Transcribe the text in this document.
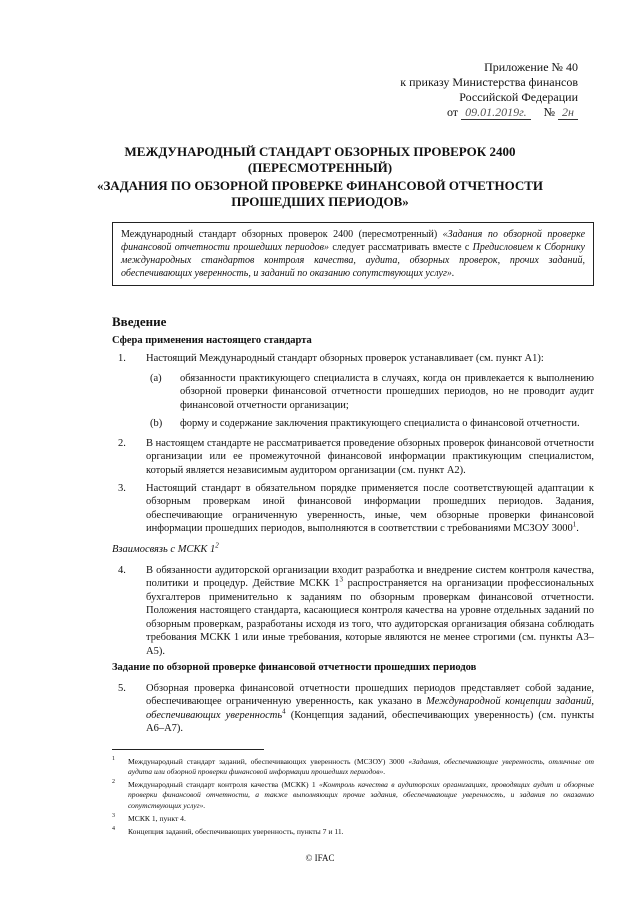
Приложение № 40
к приказу Министерства финансов
Российской Федерации
от 09.01.2019г. № 2н
МЕЖДУНАРОДНЫЙ СТАНДАРТ ОБЗОРНЫХ ПРОВЕРОК 2400
(ПЕРЕСМОТРЕННЫЙ)
«ЗАДАНИЯ ПО ОБЗОРНОЙ ПРОВЕРКЕ ФИНАНСОВОЙ ОТЧЕТНОСТИ
ПРОШЕДШИХ ПЕРИОДОВ»
Международный стандарт обзорных проверок 2400 (пересмотренный) «Задания по обзорной проверке финансовой отчетности прошедших периодов» следует рассматривать вместе с Предисловием к Сборнику международных стандартов контроля качества, аудита, обзорных проверок, прочих заданий, обеспечивающих уверенность, и заданий по оказанию сопутствующих услуг».
Введение
Сфера применения настоящего стандарта
1. Настоящий Международный стандарт обзорных проверок устанавливает (см. пункт A1):
(a) обязанности практикующего специалиста в случаях, когда он привлекается к выполнению обзорной проверки финансовой отчетности прошедших периодов, но не проводит аудит финансовой отчетности организации;
(b) форму и содержание заключения практикующего специалиста о финансовой отчетности.
2. В настоящем стандарте не рассматривается проведение обзорных проверок финансовой отчетности организации или ее промежуточной финансовой информации практикующим специалистом, который является независимым аудитором организации (см. пункт A2).
3. Настоящий стандарт в обязательном порядке применяется после соответствующей адаптации к обзорным проверкам иной финансовой информации прошедших периодов. Задания, обеспечивающие ограниченную уверенность, иные, чем обзорные проверки финансовой информации прошедших периодов, выполняются в соответствии с требованиями МСЗОУ 3000$^1$.
Взаимосвязь с МСКК $1^2$
4. В обязанности аудиторской организации входит разработка и внедрение систем контроля качества, политики и процедур. Действие МСКК $1^3$ распространяется на организации профессиональных бухгалтеров применительно к заданиям по обзорным проверкам финансовой отчетности. Положения настоящего стандарта, касающиеся контроля качества на уровне отдельных заданий по обзорным проверкам, разработаны исходя из того, что аудиторская организация обязана соблюдать требования МСКК 1 или иные требования, которые являются не менее строгими (см. пункты A3–A5).
Задание по обзорной проверке финансовой отчетности прошедших периодов
5. Обзорная проверка финансовой отчетности прошедших периодов представляет собой задание, обеспечивающее ограниченную уверенность, как указано в Международной концепции заданий, обеспечивающих уверенность$^4$ (Концепция заданий, обеспечивающих уверенность) (см. пункты A6–A7).
1 Международный стандарт заданий, обеспечивающих уверенность (МСЗОУ) 3000 «Задания, обеспечивающие уверенность, отличные от аудита или обзорной проверки финансовой информации прошедших периодов».
2 Международный стандарт контроля качества (МСКК) 1 «Контроль качества в аудиторских организациях, проводящих аудит и обзорные проверки финансовой отчетности, а также выполняющих прочие задания, обеспечивающие уверенность, и задания по оказанию сопутствующих услуг».
3 МСКК 1, пункт 4.
4 Концепция заданий, обеспечивающих уверенность, пункты 7 и 11.
© IFAC
